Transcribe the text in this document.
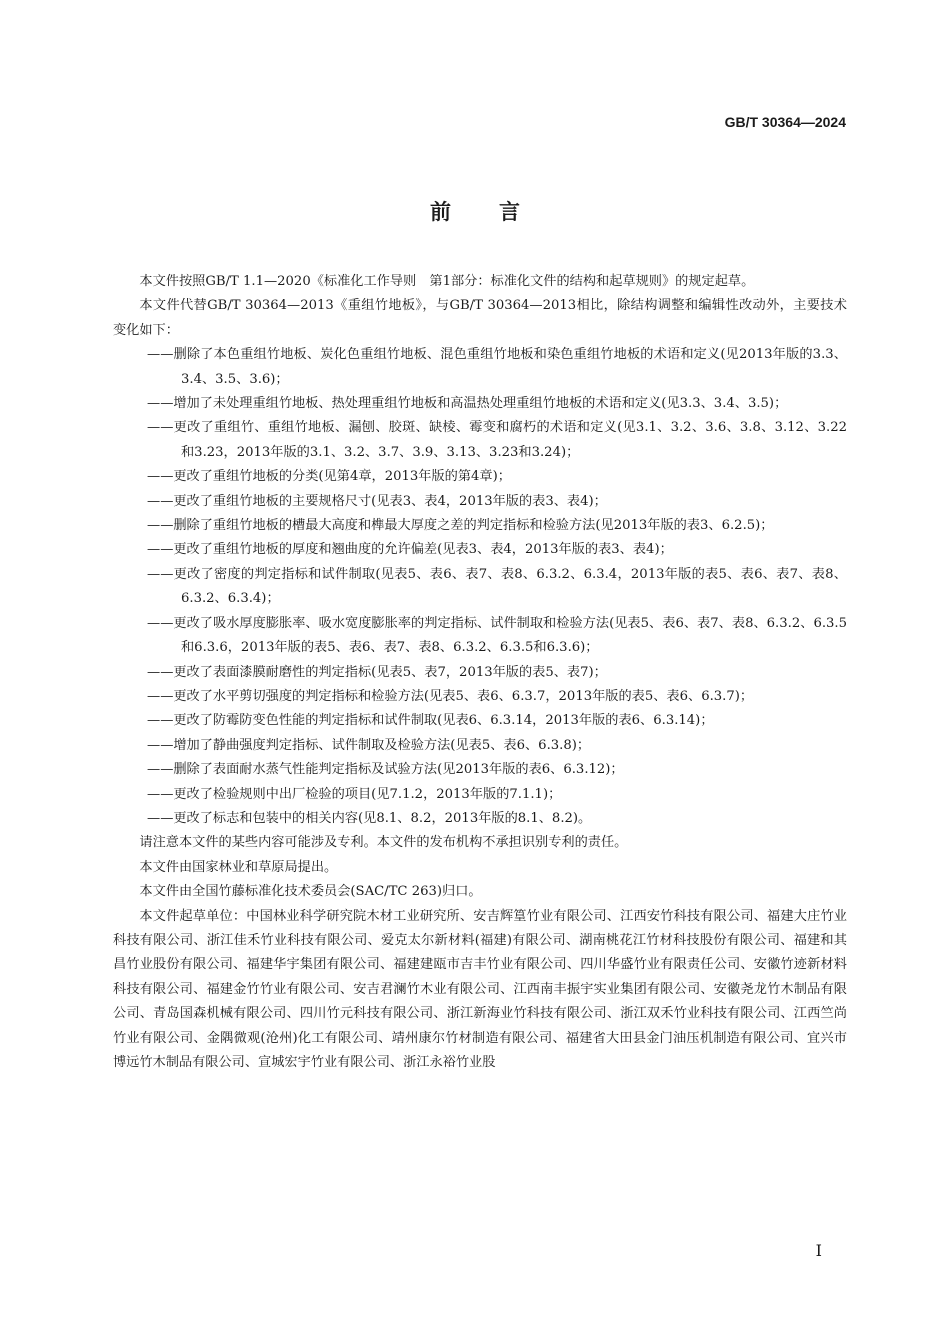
GB/T 30364—2024
前言

本文件按照GB/T 1.1—2020《标准化工作导则　第1部分：标准化文件的结构和起草规则》的规定起草。

本文件代替GB/T 30364—2013《重组竹地板》，与GB/T 30364—2013相比，除结构调整和编辑性改动外，主要技术变化如下：

——删除了本色重组竹地板、炭化色重组竹地板、混色重组竹地板和染色重组竹地板的术语和定义(见2013年版的3.3、3.4、3.5、3.6)；

——增加了未处理重组竹地板、热处理重组竹地板和高温热处理重组竹地板的术语和定义(见3.3、3.4、3.5)；

——更改了重组竹、重组竹地板、漏刨、胶斑、缺棱、霉变和腐朽的术语和定义(见3.1、3.2、3.6、3.8、3.12、3.22和3.23，2013年版的3.1、3.2、3.7、3.9、3.13、3.23和3.24)；

——更改了重组竹地板的分类(见第4章，2013年版的第4章)；

——更改了重组竹地板的主要规格尺寸(见表3、表4，2013年版的表3、表4)；

——删除了重组竹地板的槽最大高度和榫最大厚度之差的判定指标和检验方法(见2013年版的表3、6.2.5)；

——更改了重组竹地板的厚度和翘曲度的允许偏差(见表3、表4，2013年版的表3、表4)；

——更改了密度的判定指标和试件制取(见表5、表6、表7、表8、6.3.2、6.3.4，2013年版的表5、表6、表7、表8、6.3.2、6.3.4)；

——更改了吸水厚度膨胀率、吸水宽度膨胀率的判定指标、试件制取和检验方法(见表5、表6、表7、表8、6.3.2、6.3.5和6.3.6，2013年版的表5、表6、表7、表8、6.3.2、6.3.5和6.3.6)；

——更改了表面漆膜耐磨性的判定指标(见表5、表7，2013年版的表5、表7)；

——更改了水平剪切强度的判定指标和检验方法(见表5、表6、6.3.7，2013年版的表5、表6、6.3.7)；

——更改了防霉防变色性能的判定指标和试件制取(见表6、6.3.14，2013年版的表6、6.3.14)；

——增加了静曲强度判定指标、试件制取及检验方法(见表5、表6、6.3.8)；

——删除了表面耐水蒸气性能判定指标及试验方法(见2013年版的表6、6.3.12)；

——更改了检验规则中出厂检验的项目(见7.1.2，2013年版的7.1.1)；

——更改了标志和包装中的相关内容(见8.1、8.2，2013年版的8.1、8.2)。

请注意本文件的某些内容可能涉及专利。本文件的发布机构不承担识别专利的责任。

本文件由国家林业和草原局提出。

本文件由全国竹藤标准化技术委员会(SAC/TC 263)归口。

本文件起草单位：中国林业科学研究院木材工业研究所、安吉辉篁竹业有限公司、江西安竹科技有限公司、福建大庄竹业科技有限公司、浙江佳禾竹业科技有限公司、爱克太尔新材料(福建)有限公司、湖南桃花江竹材科技股份有限公司、福建和其昌竹业股份有限公司、福建华宇集团有限公司、福建建瓯市吉丰竹业有限公司、四川华盛竹业有限责任公司、安徽竹迹新材料科技有限公司、福建金竹竹业有限公司、安吉君澜竹木业有限公司、江西南丰振宇实业集团有限公司、安徽尧龙竹木制品有限公司、青岛国森机械有限公司、四川竹元科技有限公司、浙江新海业竹科技有限公司、浙江双禾竹业科技有限公司、江西竺尚竹业有限公司、金隅微观(沧州)化工有限公司、靖州康尔竹材制造有限公司、福建省大田县金门油压机制造有限公司、宜兴市博远竹木制品有限公司、宣城宏宇竹业有限公司、浙江永裕竹业股

Ⅰ
